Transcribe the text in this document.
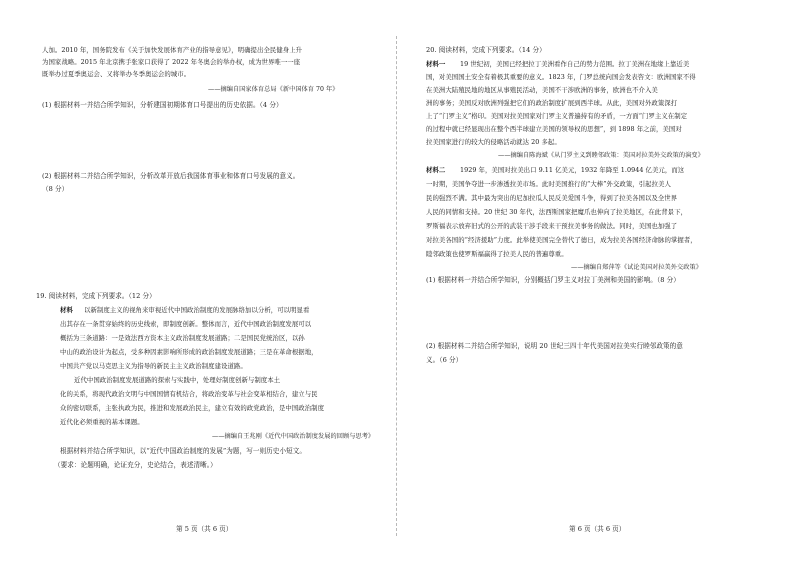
人加。2010 年，国务院发布《关于加快发展体育产业的指导意见》，明确提出全民健身上升
为国家战略。2015 年北京携手张家口获得了 2022 年冬奥会的举办权，成为世界唯一一座
既举办过夏季奥运会、又将举办冬季奥运会的城市。
——摘编自国家体育总局《新中国体育 70 年》
(1) 根据材料一并结合所学知识，分析建国初期体育口号提出的历史依据。（4 分）
(2) 根据材料二并结合所学知识，分析改革开放后我国体育事业和体育口号发展的意义。
（8 分）
19. 阅读材料，完成下列要求。（12 分）
材料 以新制度主义的视角来审视近代中国政治制度的发展脉络加以分析，可以明显看
出其存在一条贯穿始终的历史线索，即制度创新。整体而言，近代中国政治制度发展可以
概括为三条道路：一是效法西方资本主义政治制度发展道路；二是国民党统治区，以孙
中山的政治设计为起点，受多种因素影响所形成的政治制度发展道路；三是在革命根据地，
中国共产党以马克思主义为指导的新民主主义政治制度建设道路。
近代中国政治制度发展道路的探索与实践中，处理好制度创新与制度本土
化的关系，将现代政治文明与中国国情有机结合，将政治变革与社会变革相结合，建立与民
众的密切联系，主张执政为民，推进和发展政治民主，建立有效的政党政治，是中国政治制度
近代化必须重视的基本课题。
——摘编自王兆刚《近代中国政治制度发展的回顾与思考》
根据材料并结合所学知识，以“近代中国政治制度的发展”为题，写一则历史小短文。
（要求：论题明确，论证充分，史论结合，表述清晰。）
第 5 页（共 6 页）
20. 阅读材料，完成下列要求。（14 分）
材料一 19 世纪初，美国已经把拉丁美洲看作自己的势力范围。拉丁美洲在地缘上靠近美
国，对美国国土安全有着极其重要的意义。1823 年，门罗总统向国会发表咨文：欧洲国家不得
在美洲大陆殖民地的地区从事殖民活动，美国不干涉欧洲的事务，欧洲也不介入美
洲的事务；美国反对欧洲列强把它们的政治制度扩展到西半球。从此，美国对外政策深打
上了“门罗主义”格印。美国对拉美国家对门罗主义普遍持有的矛盾，一方面“门罗主义在制定
的过程中就已经显现出在整个西半球建立美国的领导权的思想”，到 1898 年之前，美国对
拉美国家进行的较大的侵略活动就达 20 多起。
——摘编自陈海斌《从门罗主义到睦邻政策：美国对拉美外交政策的演变》
材料二 1929 年，美国对拉美出口 9.11 亿美元，1932 年降至 1.0944 亿美元，而这
一时期，美国争夺进一步渗透拉美市场。此时美国推行的“大棒”外交政策，引起拉美人
民的强烈不满。其中最为突出的尼加拉瓜人民反美爱国斗争，得到了拉美各国以及全世界
人民的同情和支持。20 世纪 30 年代，法西斯国家把魔爪也伸向了拉美地区，在此背景下，
罗斯福表示放弃旧式的公开的武装干涉手段来干预拉美事务的做法。同时，美国也加强了
对拉美各国的“经济援助”力度。此举使美国完全替代了德日，成为拉美各国经济命脉的掌握者，
睦邻政策也使罗斯福赢得了拉美人民的普遍尊重。
——摘编自郑萍等《试论美国对拉美外交政策》
(1) 根据材料一并结合所学知识，分别概括门罗主义对拉丁美洲和美国的影响。（8 分）
(2) 根据材料二并结合所学知识，说明 20 世纪三四十年代美国对拉美实行睦邻政策的意
义。（6 分）
第 6 页（共 6 页）
